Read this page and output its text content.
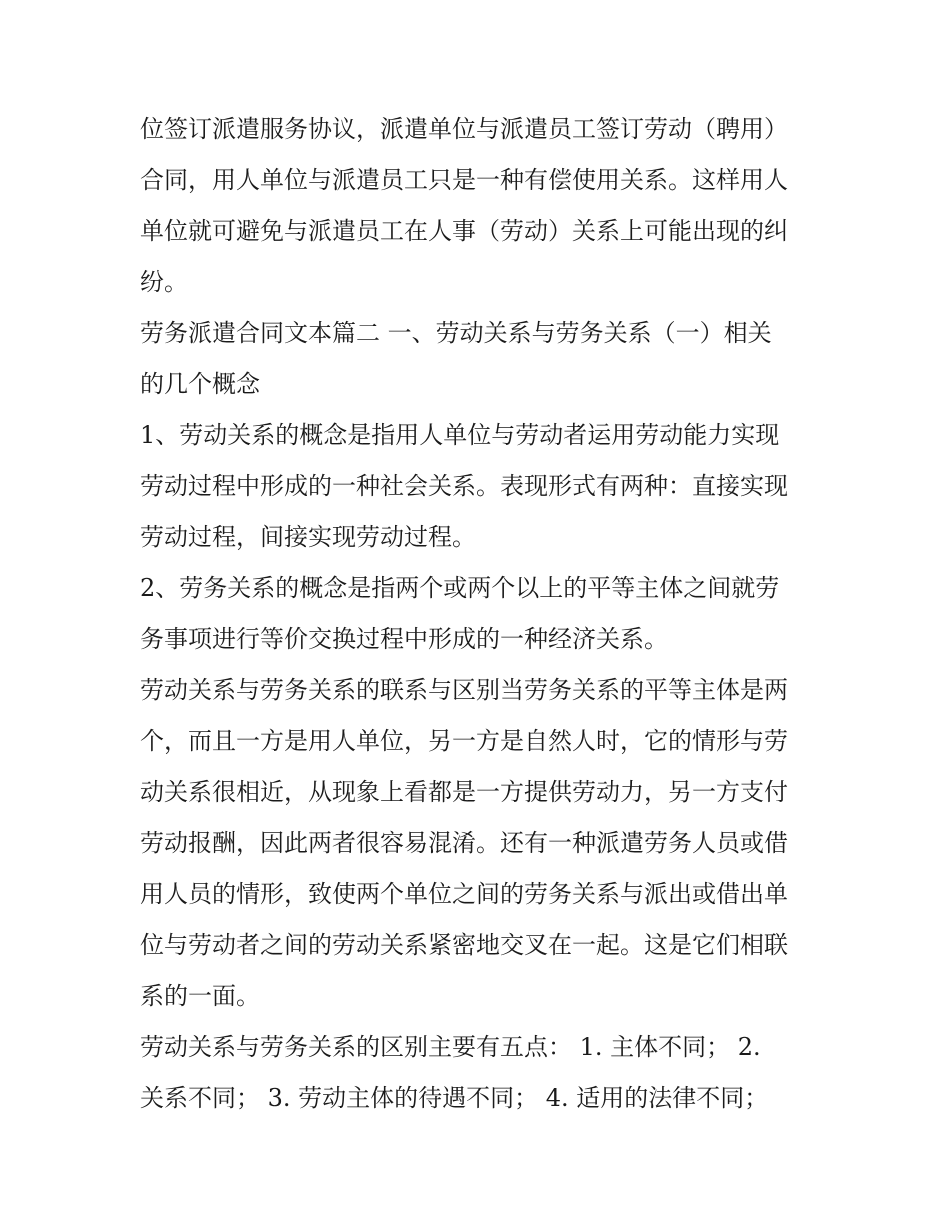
位签订派遣服务协议，派遣单位与派遣员工签订劳动（聘用）
合同，用人单位与派遣员工只是一种有偿使用关系。这样用人
单位就可避免与派遣员工在人事（劳动）关系上可能出现的纠
纷。
劳务派遣合同文本篇二 一、劳动关系与劳务关系（一）相关
的几个概念
1、劳动关系的概念是指用人单位与劳动者运用劳动能力实现
劳动过程中形成的一种社会关系。表现形式有两种：直接实现
劳动过程，间接实现劳动过程。
2、劳务关系的概念是指两个或两个以上的平等主体之间就劳
务事项进行等价交换过程中形成的一种经济关系。
劳动关系与劳务关系的联系与区别当劳务关系的平等主体是两
个，而且一方是用人单位，另一方是自然人时，它的情形与劳
动关系很相近，从现象上看都是一方提供劳动力，另一方支付
劳动报酬，因此两者很容易混淆。还有一种派遣劳务人员或借
用人员的情形，致使两个单位之间的劳务关系与派出或借出单
位与劳动者之间的劳动关系紧密地交叉在一起。这是它们相联
系的一面。
劳动关系与劳务关系的区别主要有五点： 1. 主体不同； 2.
关系不同； 3. 劳动主体的待遇不同； 4. 适用的法律不同；
